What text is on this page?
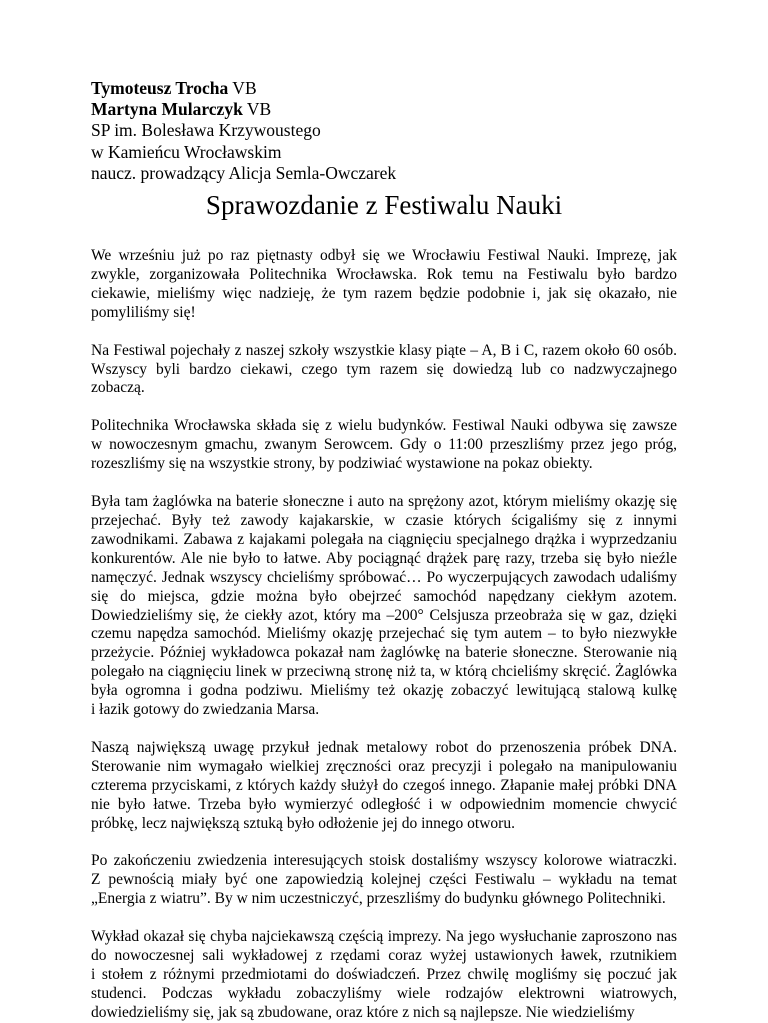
Tymoteusz Trocha VB
Martyna Mularczyk VB
SP im. Bolesława Krzywoustego
w Kamieńcu Wrocławskim
naucz. prowadzący Alicja Semla-Owczarek
Sprawozdanie z Festiwalu Nauki
We wrześniu już po raz piętnasty odbył się we Wrocławiu Festiwal Nauki. Imprezę, jak
zwykle, zorganizowała Politechnika Wrocławska. Rok temu na Festiwalu było bardzo
ciekawie, mieliśmy więc nadzieję, że tym razem będzie podobnie i, jak się okazało, nie
pomyliliśmy się!
Na Festiwal pojechały z naszej szkoły wszystkie klasy piąte – A, B i C, razem około 60 osób.
Wszyscy byli bardzo ciekawi, czego tym razem się dowiedzą lub co nadzwyczajnego
zobaczą.
Politechnika Wrocławska składa się z wielu budynków. Festiwal Nauki odbywa się zawsze
w nowoczesnym gmachu, zwanym Serowcem. Gdy o 11:00 przeszliśmy przez jego próg,
rozeszliśmy się na wszystkie strony, by podziwiać wystawione na pokaz obiekty.
Była tam żaglówka na baterie słoneczne i auto na sprężony azot, którym mieliśmy okazję się
przejechać. Były też zawody kajakarskie, w czasie których ścigaliśmy się z innymi
zawodnikami. Zabawa z kajakami polegała na ciągnięciu specjalnego drążka i wyprzedzaniu
konkurentów. Ale nie było to łatwe. Aby pociągnąć drążek parę razy, trzeba się było nieźle
namęczyć. Jednak wszyscy chcieliśmy spróbować… Po wyczerpujących zawodach udaliśmy
się do miejsca, gdzie można było obejrzeć samochód napędzany ciekłym azotem.
Dowiedzieliśmy się, że ciekły azot, który ma –200° Celsjusza przeobraża się w gaz, dzięki
czemu napędza samochód. Mieliśmy okazję przejechać się tym autem – to było niezwykłe
przeżycie. Później wykładowca pokazał nam żaglówkę na baterie słoneczne. Sterowanie nią
polegało na ciągnięciu linek w przeciwną stronę niż ta, w którą chcieliśmy skręcić. Żaglówka
była ogromna i godna podziwu. Mieliśmy też okazję zobaczyć lewitującą stalową kulkę
i łazik gotowy do zwiedzania Marsa.
Naszą największą uwagę przykuł jednak metalowy robot do przenoszenia próbek DNA.
Sterowanie nim wymagało wielkiej zręczności oraz precyzji i polegało na manipulowaniu
czterema przyciskami, z których każdy służył do czegoś innego. Złapanie małej próbki DNA
nie było łatwe. Trzeba było wymierzyć odległość i w odpowiednim momencie chwycić
próbkę, lecz największą sztuką było odłożenie jej do innego otworu.
Po zakończeniu zwiedzenia interesujących stoisk dostaliśmy wszyscy kolorowe wiatraczki.
Z pewnością miały być one zapowiedzią kolejnej części Festiwalu – wykładu na temat
„Energia z wiatru”. By w nim uczestniczyć, przeszliśmy do budynku głównego Politechniki.
Wykład okazał się chyba najciekawszą częścią imprezy. Na jego wysłuchanie zaproszono nas
do nowoczesnej sali wykładowej z rzędami coraz wyżej ustawionych ławek, rzutnikiem
i stołem z różnymi przedmiotami do doświadczeń. Przez chwilę mogliśmy się poczuć jak
studenci. Podczas wykładu zobaczyliśmy wiele rodzajów elektrowni wiatrowych,
dowiedzieliśmy się, jak są zbudowane, oraz które z nich są najlepsze. Nie wiedzieliśmy
